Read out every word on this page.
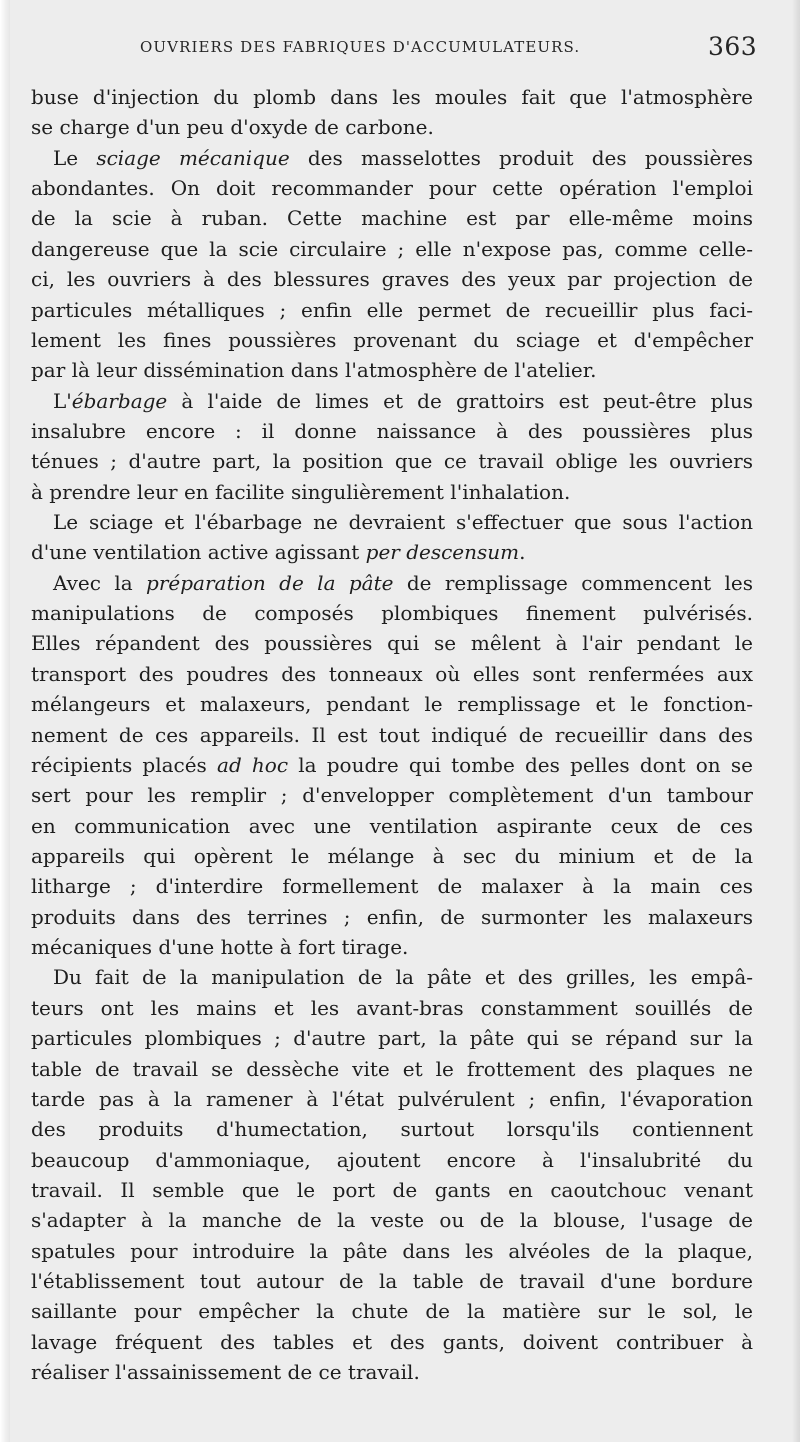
OUVRIERS DES FABRIQUES D'ACCUMULATEURS.	363
buse d'injection du plomb dans les moules fait que l'atmosphère
se charge d'un peu d'oxyde de carbone.
Le sciage mécanique des masselottes produit des poussières
abondantes. On doit recommander pour cette opération l'emploi
de la scie à ruban. Cette machine est par elle-même moins
dangereuse que la scie circulaire ; elle n'expose pas, comme celle-
ci, les ouvriers à des blessures graves des yeux par projection de
particules métalliques ; enfin elle permet de recueillir plus faci-
lement les fines poussières provenant du sciage et d'empêcher
par là leur dissémination dans l'atmosphère de l'atelier.
L'ébarbage à l'aide de limes et de grattoirs est peut-être plus
insalubre encore : il donne naissance à des poussières plus
ténues ; d'autre part, la position que ce travail oblige les ouvriers
à prendre leur en facilite singulièrement l'inhalation.
Le sciage et l'ébarbage ne devraient s'effectuer que sous l'action
d'une ventilation active agissant per descensum.
Avec la préparation de la pâte de remplissage commencent les
manipulations de composés plombiques finement pulvérisés.
Elles répandent des poussières qui se mêlent à l'air pendant le
transport des poudres des tonneaux où elles sont renfermées aux
mélangeurs et malaxeurs, pendant le remplissage et le fonction-
nement de ces appareils. Il est tout indiqué de recueillir dans des
récipients placés ad hoc la poudre qui tombe des pelles dont on se
sert pour les remplir ; d'envelopper complètement d'un tambour
en communication avec une ventilation aspirante ceux de ces
appareils qui opèrent le mélange à sec du minium et de la
litharge ; d'interdire formellement de malaxer à la main ces
produits dans des terrines ; enfin, de surmonter les malaxeurs
mécaniques d'une hotte à fort tirage.
Du fait de la manipulation de la pâte et des grilles, les empâ-
teurs ont les mains et les avant-bras constamment souillés de
particules plombiques ; d'autre part, la pâte qui se répand sur la
table de travail se dessèche vite et le frottement des plaques ne
tarde pas à la ramener à l'état pulvérulent ; enfin, l'évaporation
des produits d'humectation, surtout lorsqu'ils contiennent
beaucoup d'ammoniaque, ajoutent encore à l'insalubrité du
travail. Il semble que le port de gants en caoutchouc venant
s'adapter à la manche de la veste ou de la blouse, l'usage de
spatules pour introduire la pâte dans les alvéoles de la plaque,
l'établissement tout autour de la table de travail d'une bordure
saillante pour empêcher la chute de la matière sur le sol, le
lavage fréquent des tables et des gants, doivent contribuer à
réaliser l'assainissement de ce travail.
